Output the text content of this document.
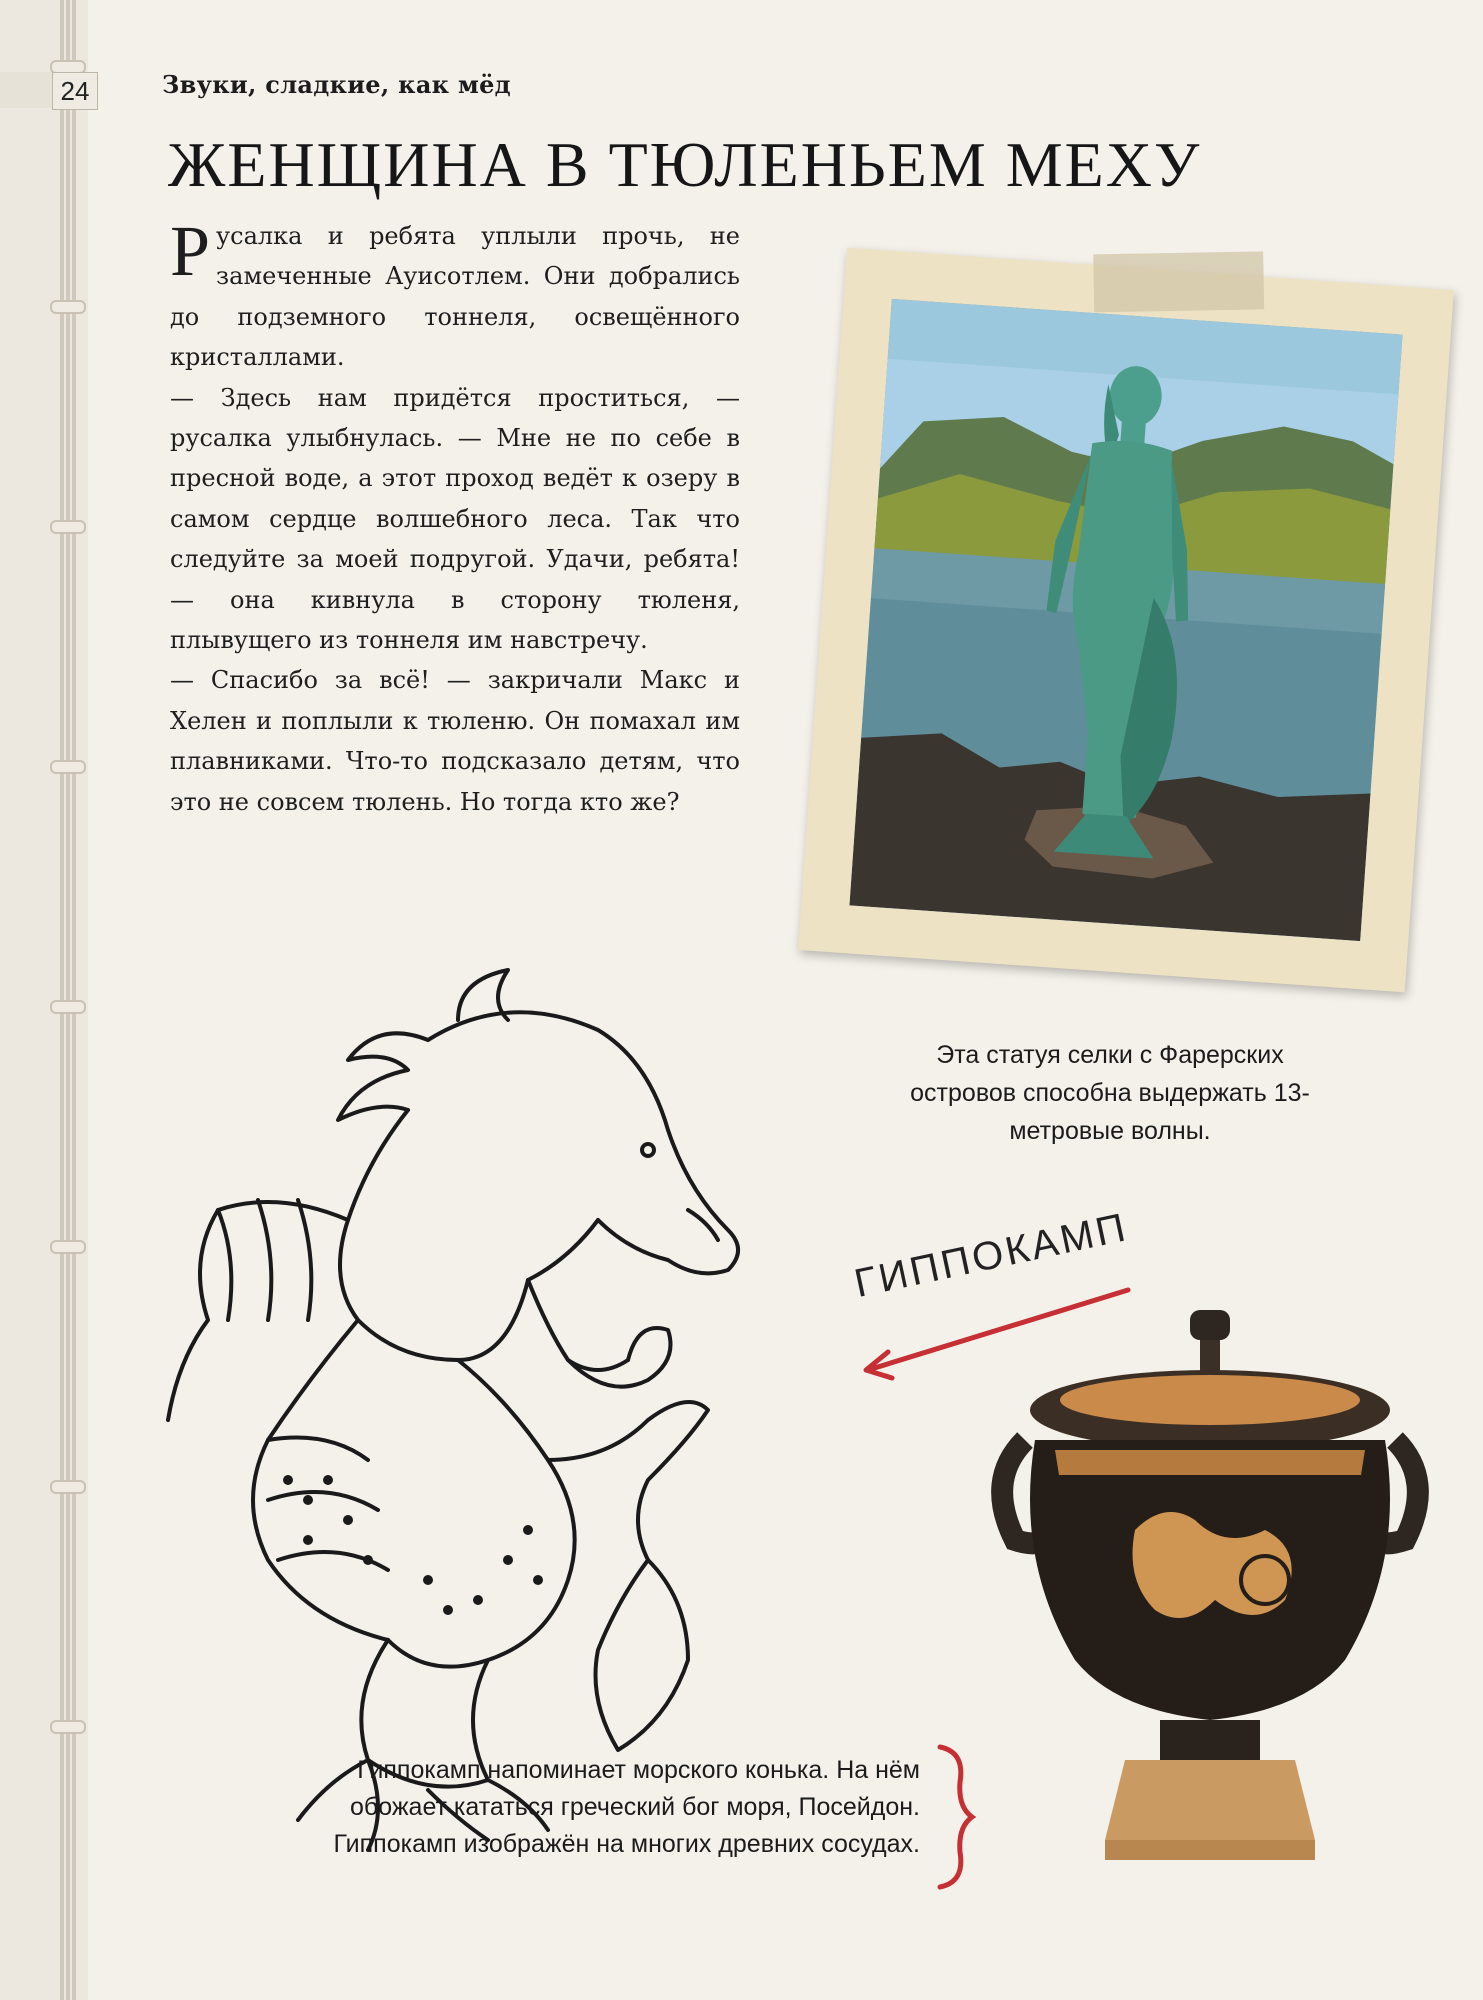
24	Звуки, сладкие, как мёд
ЖЕНЩИНА В ТЮЛЕНЬЕМ МЕХУ

Русалка и ребята уплыли прочь, не замеченные Ауисотлем. Они добрались до подземного тоннеля, освещённого кристаллами.

— Здесь нам придётся проститься, — русалка улыбнулась. — Мне не по себе в пресной воде, а этот проход ведёт к озеру в самом сердце волшебного леса. Так что следуйте за моей подругой. Удачи, ребята! — она кивнула в сторону тюленя, плывущего из тоннеля им навстречу.

— Спасибо за всё! — закричали Макс и Хелен и поплыли к тюленю. Он помахал им плавниками. Что-то подсказало детям, что это не совсем тюлень. Но тогда кто же?

Эта статуя селки с Фарерских островов способна выдержать 13-метровые волны.
ГИППОКАМП
Гиппокамп напоминает морского конька. На нём
обожает кататься греческий бог моря, Посейдон.
Гиппокамп изображён на многих древних сосудах.
